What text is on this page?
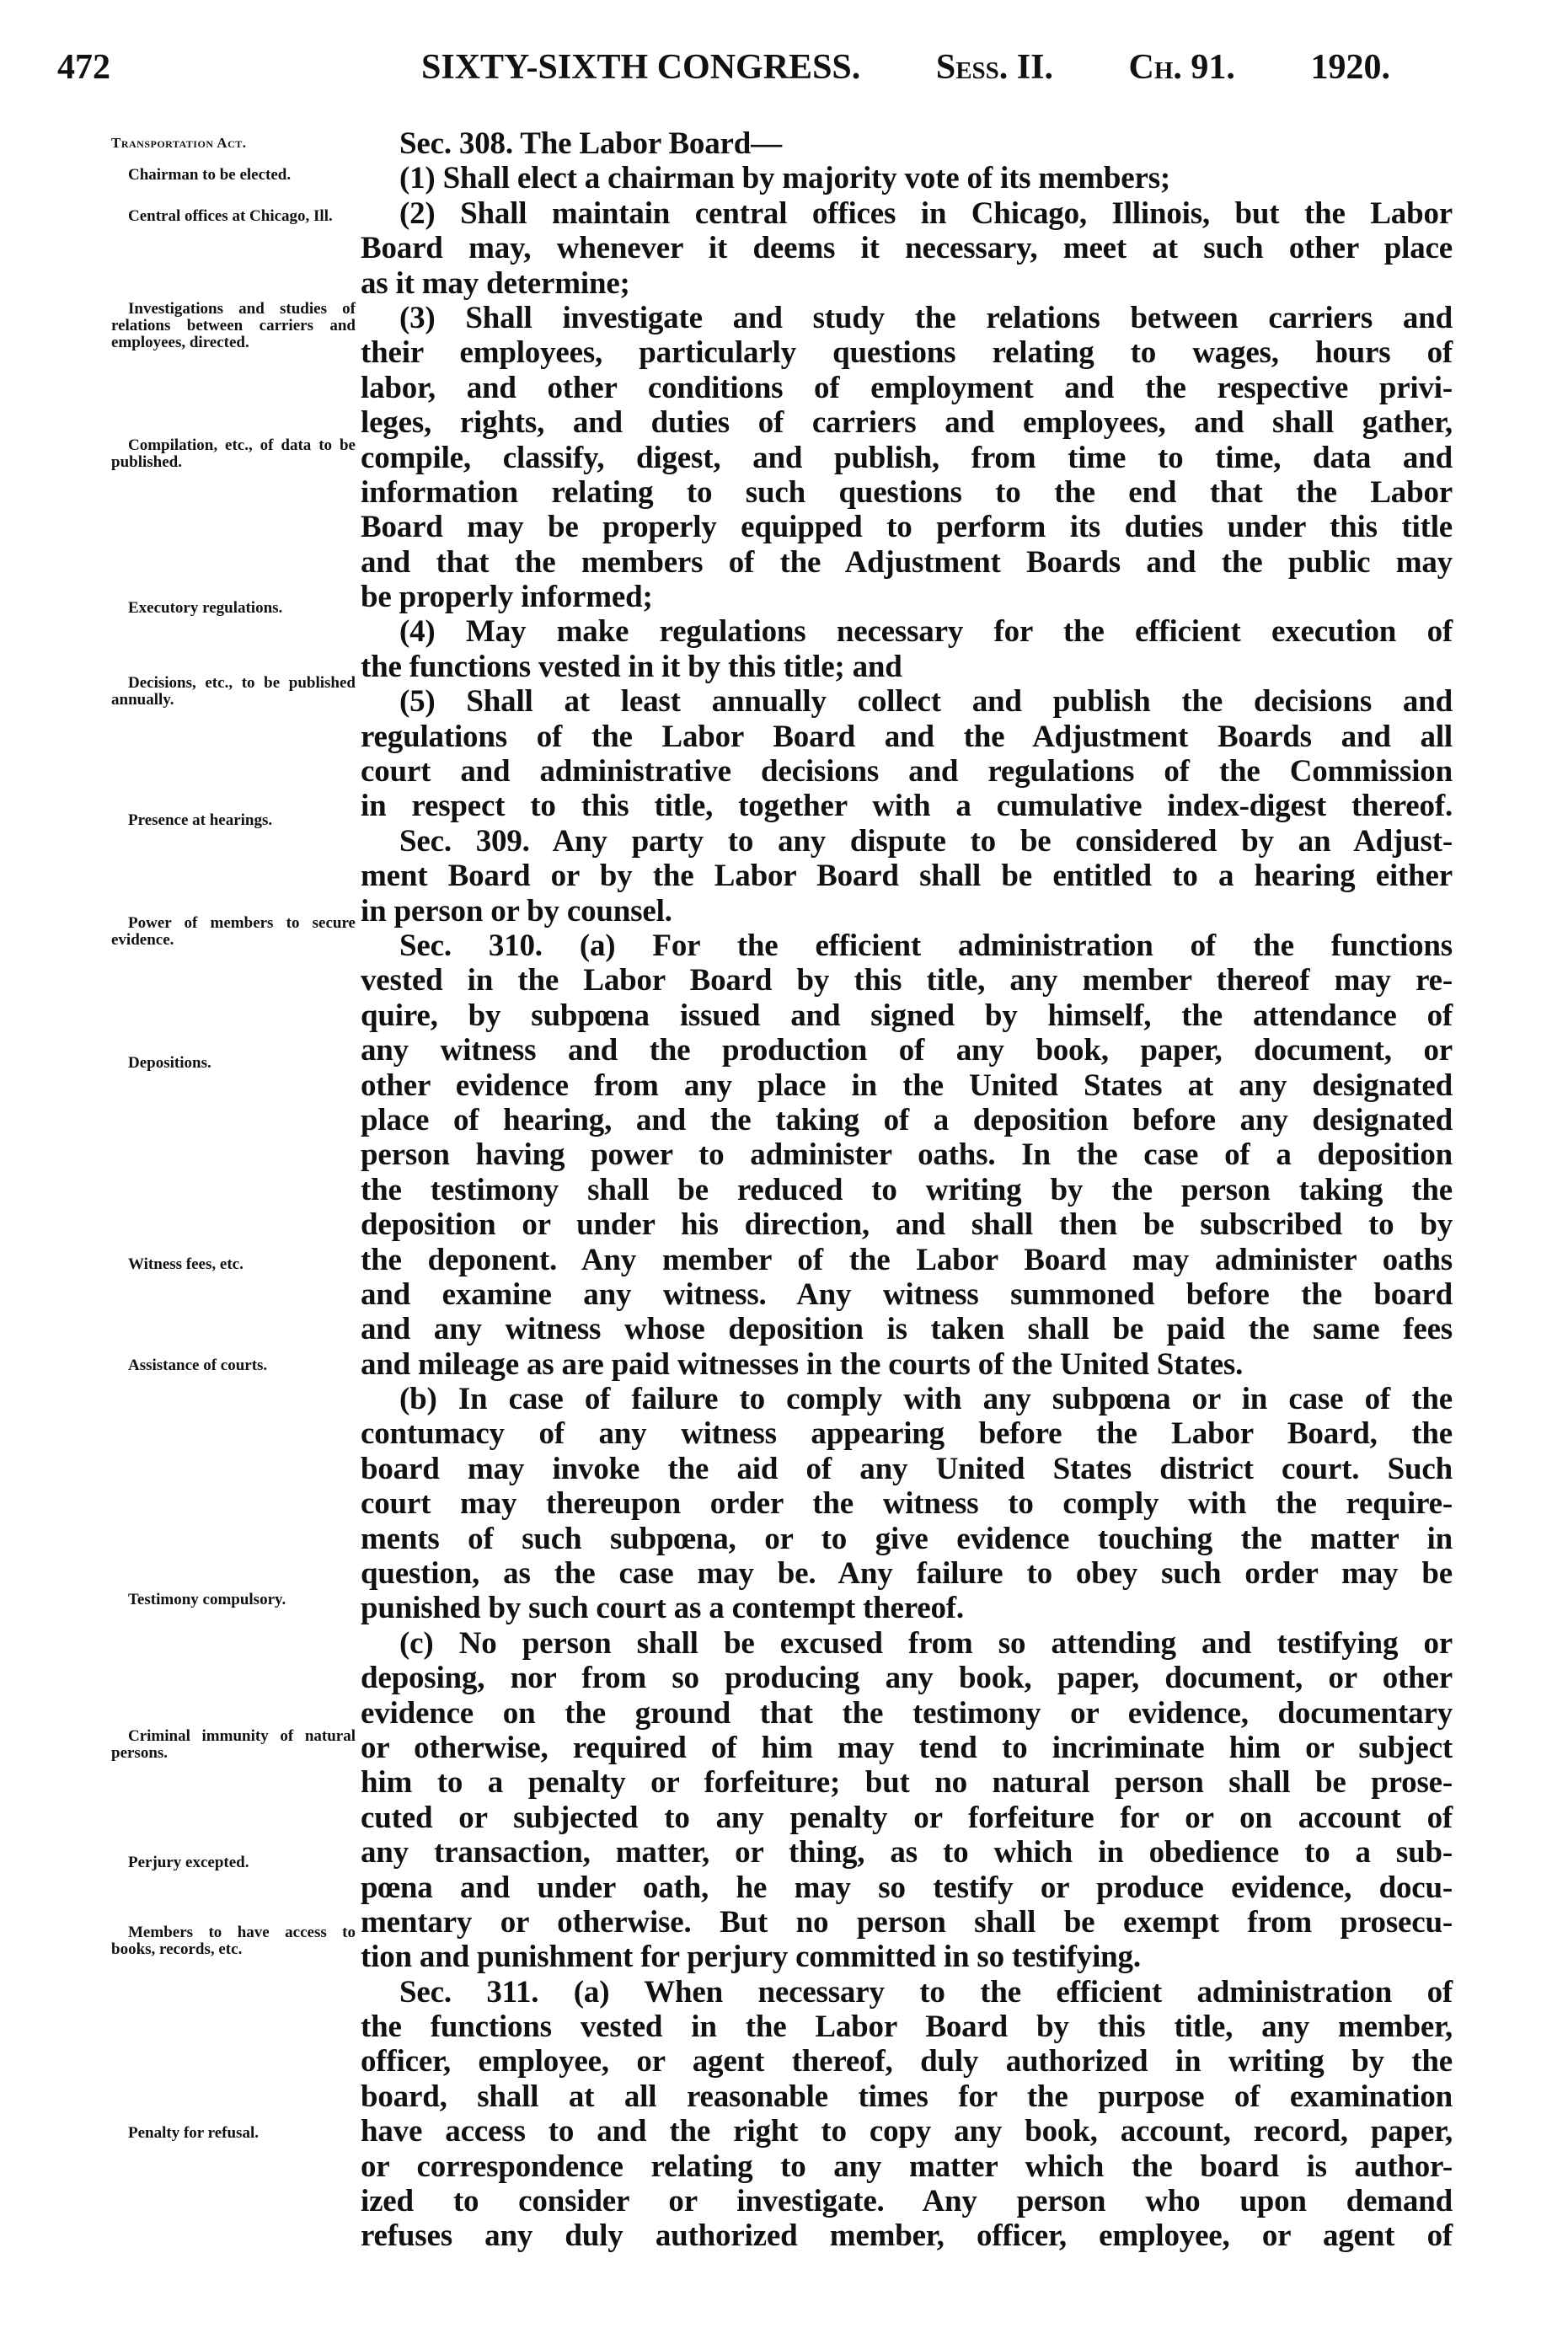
472	SIXTY-SIXTH CONGRESS. Sess. II. Ch. 91. 1920.
Transportation Act.
Chairman to be elected.
Central offices at Chicago, Ill.
Investigations and studies of relations between carriers and employees, directed.
Compilation, etc., of data to be published.
Executory regulations.
Decisions, etc., to be published annually.
Presence at hearings.
Power of members to secure evidence.
Depositions.
Witness fees, etc.
Assistance of courts.
Testimony compulsory.
Criminal immunity of natural persons.
Perjury excepted.
Members to have access to books, records, etc.
Penalty for refusal.
Sec. 308. The Labor Board—
(1) Shall elect a chairman by majority vote of its members;
(2) Shall maintain central offices in Chicago, Illinois, but the Labor
Board may, whenever it deems it necessary, meet at such other place
as it may determine;
(3) Shall investigate and study the relations between carriers and
their employees, particularly questions relating to wages, hours of
labor, and other conditions of employment and the respective privi-
leges, rights, and duties of carriers and employees, and shall gather,
compile, classify, digest, and publish, from time to time, data and
information relating to such questions to the end that the Labor
Board may be properly equipped to perform its duties under this title
and that the members of the Adjustment Boards and the public may
be properly informed;
(4) May make regulations necessary for the efficient execution of
the functions vested in it by this title; and
(5) Shall at least annually collect and publish the decisions and
regulations of the Labor Board and the Adjustment Boards and all
court and administrative decisions and regulations of the Commission
in respect to this title, together with a cumulative index-digest thereof.
Sec. 309. Any party to any dispute to be considered by an Adjust-
ment Board or by the Labor Board shall be entitled to a hearing either
in person or by counsel.
Sec. 310. (a) For the efficient administration of the functions
vested in the Labor Board by this title, any member thereof may re-
quire, by subpœna issued and signed by himself, the attendance of
any witness and the production of any book, paper, document, or
other evidence from any place in the United States at any designated
place of hearing, and the taking of a deposition before any designated
person having power to administer oaths. In the case of a deposition
the testimony shall be reduced to writing by the person taking the
deposition or under his direction, and shall then be subscribed to by
the deponent. Any member of the Labor Board may administer oaths
and examine any witness. Any witness summoned before the board
and any witness whose deposition is taken shall be paid the same fees
and mileage as are paid witnesses in the courts of the United States.
(b) In case of failure to comply with any subpœna or in case of the
contumacy of any witness appearing before the Labor Board, the
board may invoke the aid of any United States district court. Such
court may thereupon order the witness to comply with the require-
ments of such subpœna, or to give evidence touching the matter in
question, as the case may be. Any failure to obey such order may be
punished by such court as a contempt thereof.
(c) No person shall be excused from so attending and testifying or
deposing, nor from so producing any book, paper, document, or other
evidence on the ground that the testimony or evidence, documentary
or otherwise, required of him may tend to incriminate him or subject
him to a penalty or forfeiture; but no natural person shall be prose-
cuted or subjected to any penalty or forfeiture for or on account of
any transaction, matter, or thing, as to which in obedience to a sub-
pœna and under oath, he may so testify or produce evidence, docu-
mentary or otherwise. But no person shall be exempt from prosecu-
tion and punishment for perjury committed in so testifying.
Sec. 311. (a) When necessary to the efficient administration of
the functions vested in the Labor Board by this title, any member,
officer, employee, or agent thereof, duly authorized in writing by the
board, shall at all reasonable times for the purpose of examination
have access to and the right to copy any book, account, record, paper,
or correspondence relating to any matter which the board is author-
ized to consider or investigate. Any person who upon demand
refuses any duly authorized member, officer, employee, or agent of
